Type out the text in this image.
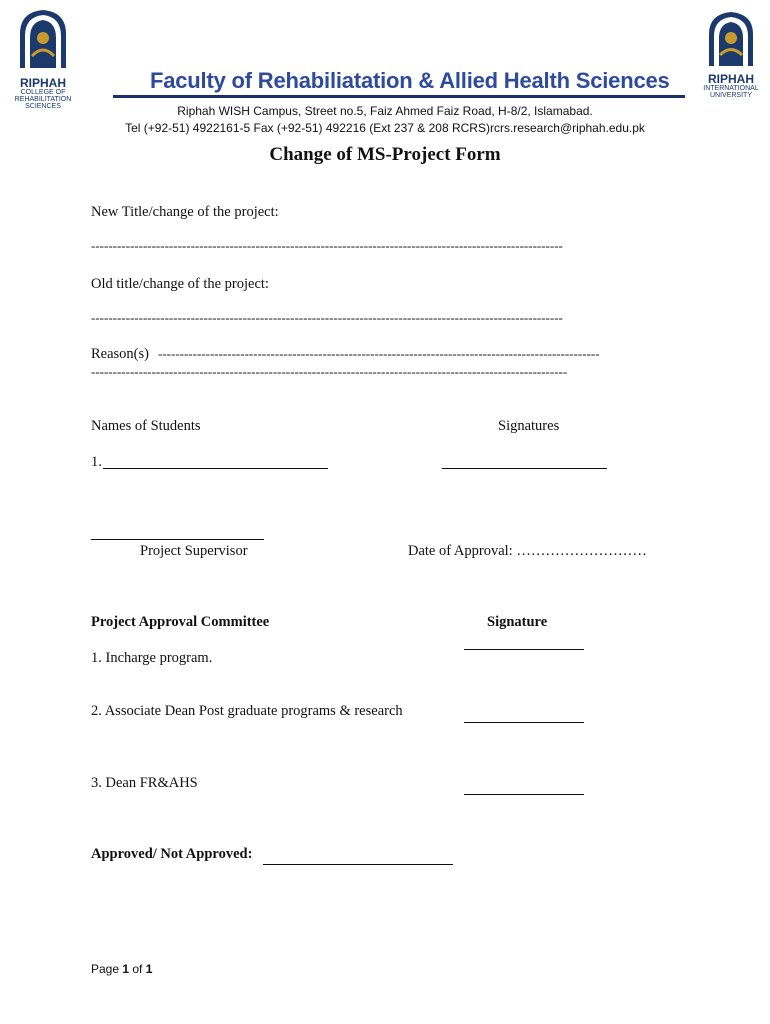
RIPHAH
COLLEGE OF
REHABILITATION
SCIENCES
RIPHAH
INTERNATIONAL
UNIVERSITY
Faculty of Rehabiliatation & Allied Health Sciences
Riphah WISH Campus, Street no.5, Faiz Ahmed Faiz Road, H-8/2, Islamabad.
Tel (+92-51) 4922161-5 Fax (+92-51) 492216 (Ext 237 & 208 RCRS)rcrs.research@riphah.edu.pk
Change of MS-Project Form
New Title/change of the project:
-------------------------------------------------------------------------------------------------------------
Old title/change of the project:
-------------------------------------------------------------------------------------------------------------
Reason(s) ------------------------------------------------------------------------------------------------------
--------------------------------------------------------------------------------------------------------------
Names of Students	Signatures
1.
Project Supervisor	Date of Approval: ………………………
Project Approval Committee	Signature
1. Incharge program.
2. Associate Dean Post graduate programs & research
3. Dean FR&AHS
Approved/ Not Approved:
Page 1 of 1
